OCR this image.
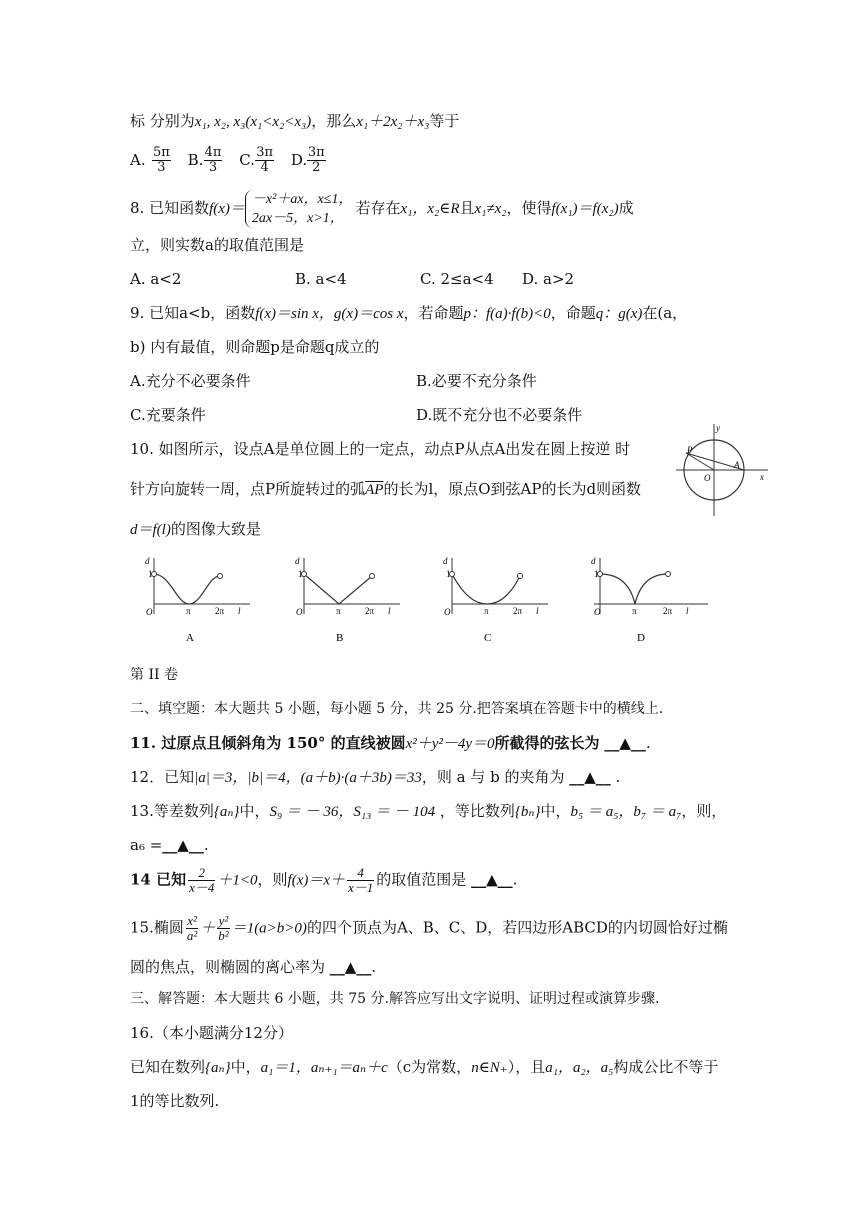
标 分别为x₁, x₂, x₃(x₁<x₂<x₃)，那么x₁＋2x₂＋x₃等于
A. $\frac{5\pi}{3} B$. $\frac{4\pi}{3} C$. $\frac{3\pi}{4} D$. $\frac{3\pi}{2}$
8. 已知函数f(x)＝
－x²＋ax，x≤1，
2ax－5，x>1，
若存在x₁，x₂∈R且x₁≠x₂，使得f(x₁)＝f(x₂)成
立，则实数a的取值范围是
A. a<2	B. a<4	C. 2≤a<4 D. a>2
9. 已知a<b，函数f(x)＝sin x，g(x)＝cos x，若命题p：f(a)·f(b)<0，命题q：g(x)在(a，
b) 内有最值，则命题p是命题q成立的
A.充分不必要条件	B.必要不充分条件
C.充要条件	D.既不充分也不必要条件
10. 如图所示，设点A是单位圆上的一定点，动点P从点A出发在圆上按逆 时
针方向旋转一周，点P所旋转过的弧$\overline{AP}$的长为l，原点O到弦AP的长为d则函数
d＝f(l)的图像大致是
y
x
P
A
O
d
1
O	π	2π l
A
d
1
O	π	2π l
B
d
1
O	π	2π l
C
d
1
O	π	2π l
D
第 II 卷
二、填空题：本大题共 5 小题，每小题 5 分，共 25 分.把答案填在答题卡中的横线上.
11. 过原点且倾斜角为 150° 的直线被圆x²＋y²－4y＝0所截得的弦长为 __▲__.
12．已知|a|＝3，|b|＝4，(a＋b)·(a＋3b)＝33，则 a 与 b 的夹角为 __▲__ .
13.等差数列{aₙ}中，S₉ ＝ － 36，S₁₃ ＝ － 104 ，等比数列{bₙ}中，b₅ ＝ a₅，b₇ ＝ a₇，则，
a₆ =__▲__.
14 已知 $\frac{2}{x-4} +1<0$，则$f(x)=x+ \frac{4}{x-1}$ 的取值范围是 __▲__.
15.椭圆 $\frac{\text{x²}}{\text{a²}} + \frac{\text{y²}}{\text{b²}} =1(a>b>0)$的四个顶点为A、B、C、D，若四边形ABCD的内切圆恰好过椭
圆的焦点，则椭圆的离心率为 __▲__.
三、解答题：本大题共 6 小题，共 75 分.解答应写出文字说明、证明过程或演算步骤.
16.（本小题满分12分）
已知在数列{aₙ}中，a₁＝1，aₙ₊₁＝aₙ＋c（c为常数，n∈N₊），且a₁，a₂，a₅构成公比不等于
1的等比数列.
